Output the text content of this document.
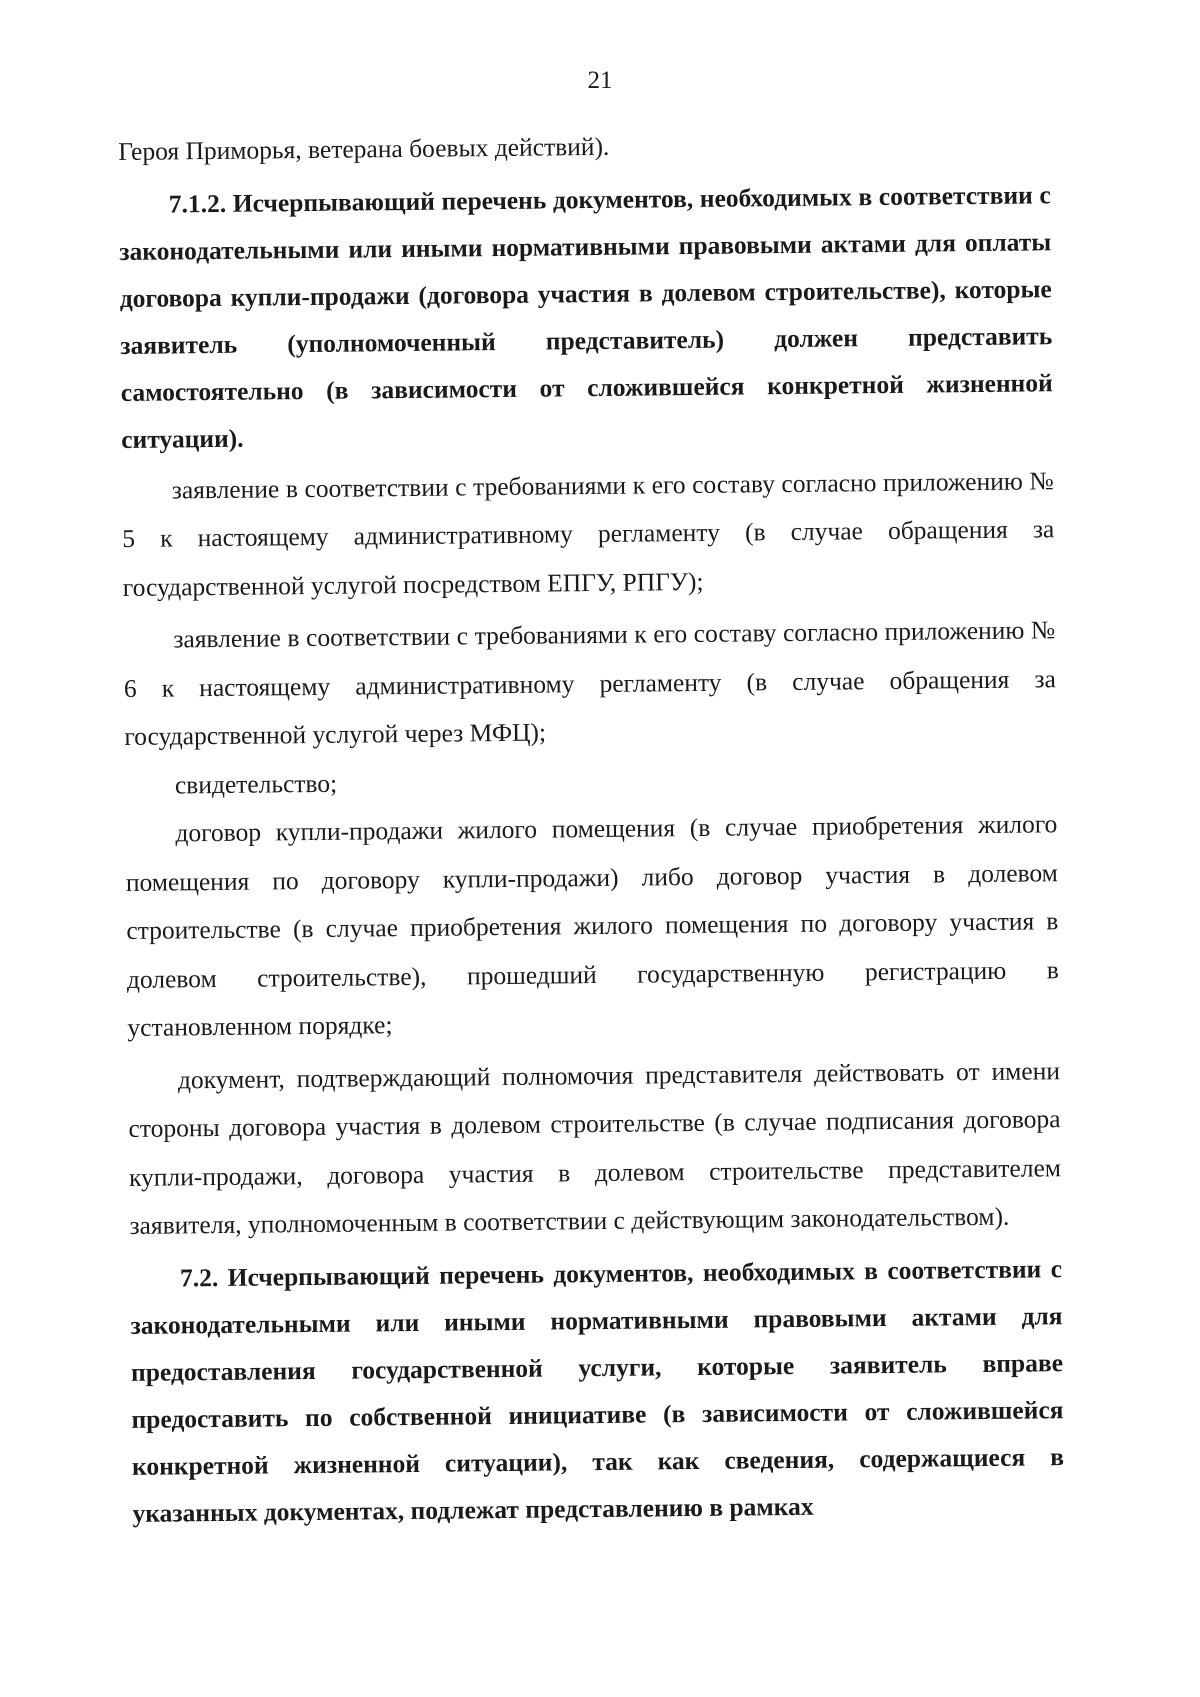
21

Героя Приморья, ветерана боевых действий).

7.1.2. Исчерпывающий перечень документов, необходимых в соответствии с законодательными или иными нормативными правовыми актами для оплаты договора купли-продажи (договора участия в долевом строительстве), которые заявитель (уполномоченный представитель) должен представить самостоятельно (в зависимости от сложившейся конкретной жизненной ситуации).

заявление в соответствии с требованиями к его составу согласно приложению № 5 к настоящему административному регламенту (в случае обращения за государственной услугой посредством ЕПГУ, РПГУ);

заявление в соответствии с требованиями к его составу согласно приложению № 6 к настоящему административному регламенту (в случае обращения за государственной услугой через МФЦ);

свидетельство;

договор купли-продажи жилого помещения (в случае приобретения жилого помещения по договору купли-продажи) либо договор участия в долевом строительстве (в случае приобретения жилого помещения по договору участия в долевом строительстве), прошедший государственную регистрацию в установленном порядке;

документ, подтверждающий полномочия представителя действовать от имени стороны договора участия в долевом строительстве (в случае подписания договора купли-продажи, договора участия в долевом строительстве представителем заявителя, уполномоченным в соответствии с действующим законодательством).

7.2. Исчерпывающий перечень документов, необходимых в соответствии с законодательными или иными нормативными правовыми актами для предоставления государственной услуги, которые заявитель вправе предоставить по собственной инициативе (в зависимости от сложившейся конкретной жизненной ситуации), так как сведения, содержащиеся в указанных документах, подлежат представлению в рамках
